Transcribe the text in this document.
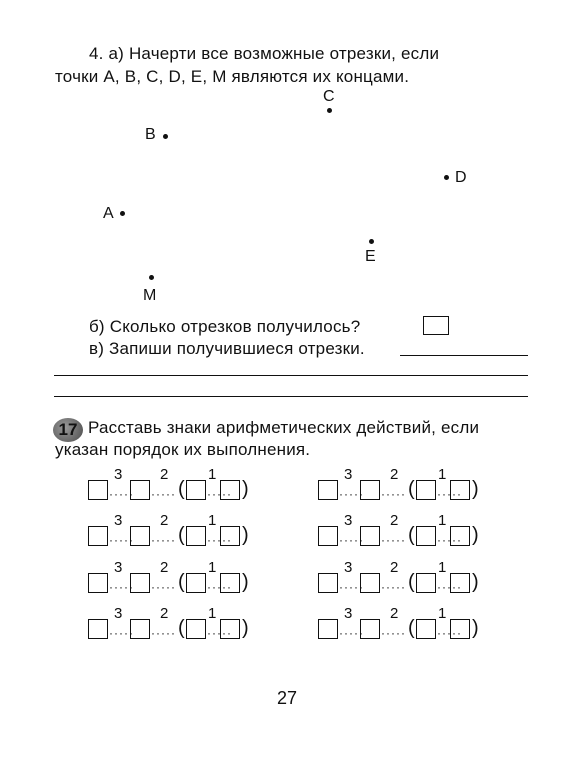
4. а) Начерти все возможные отрезки, если
точки A, B, C, D, E, M являются их концами.
C
B
D
A
E
M
б) Сколько отрезков получилось?
в) Запиши получившиеся отрезки.
17 Расставь знаки арифметических действий, если
указан порядок их выполнения.
3	2	1
····· ·····	·····
(	)
3	2	1
····· ·····	·····
(	)
3	2	1
····· ·····	·····
(	)
3	2	1
····· ·····	·····
(	)
3	2	1
····· ·····	·····
(	)
3	2	1
····· ·····	·····
(	)
3	2	1
····· ·····	·····
(	)
3	2	1
····· ·····	·····
(	)
27
